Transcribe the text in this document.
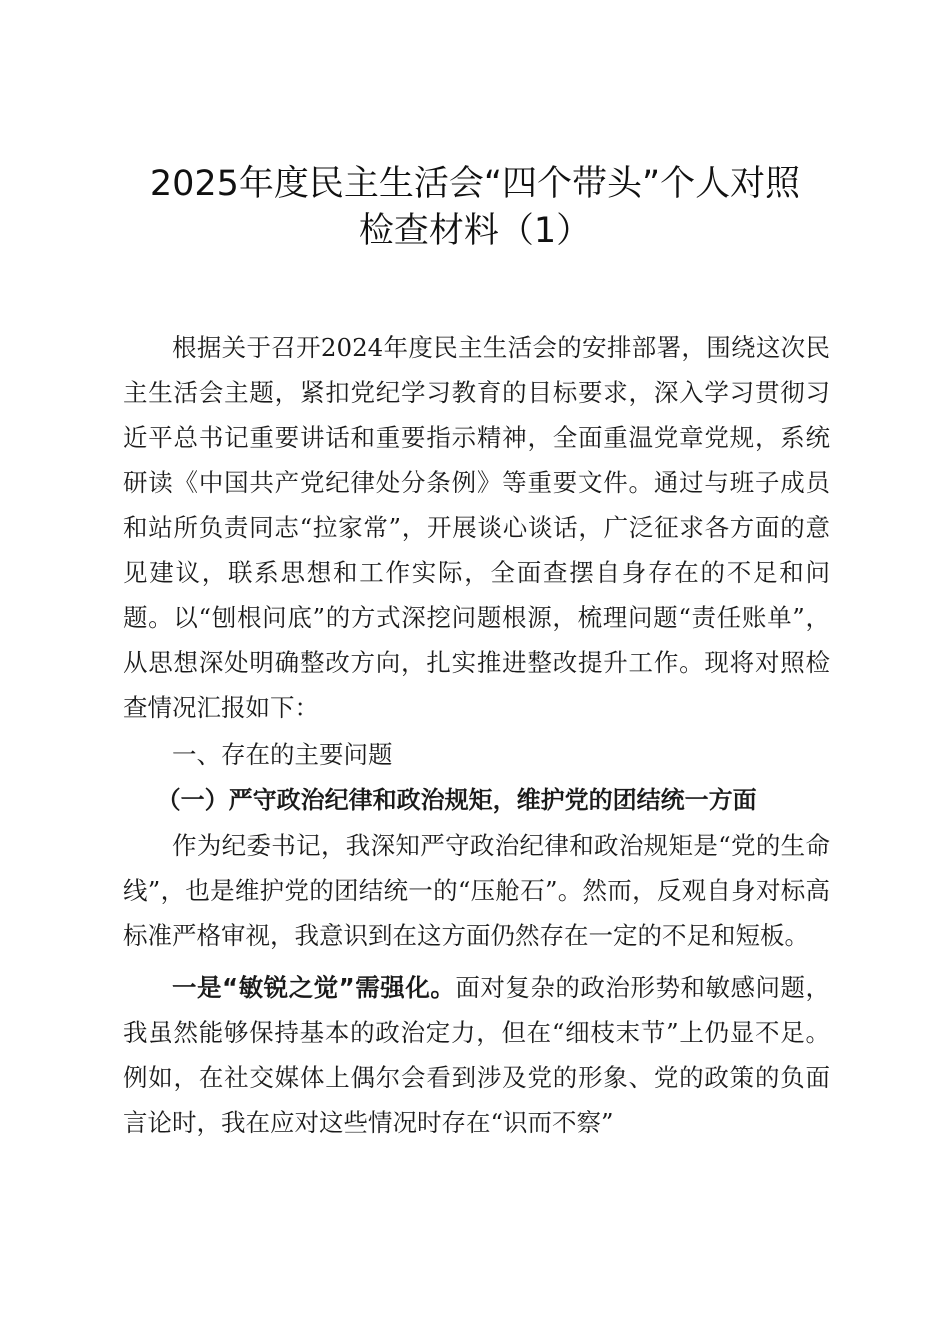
2025年度民主生活会“四个带头”个人对照
检查材料（1）

根据关于召开2024年度民主生活会的安排部署，围绕这次民主生活会主题，紧扣党纪学习教育的目标要求，深入学习贯彻习近平总书记重要讲话和重要指示精神，全面重温党章党规，系统研读《中国共产党纪律处分条例》等重要文件。通过与班子成员和站所负责同志“拉家常”，开展谈心谈话，广泛征求各方面的意见建议，联系思想和工作实际，全面查摆自身存在的不足和问题。以“刨根问底”的方式深挖问题根源，梳理问题“责任账单”，从思想深处明确整改方向，扎实推进整改提升工作。现将对照检查情况汇报如下：

一、存在的主要问题
（一）严守政治纪律和政治规矩，维护党的团结统一方面

作为纪委书记，我深知严守政治纪律和政治规矩是“党的生命线”，也是维护党的团结统一的“压舱石”。然而，反观自身对标高标准严格审视，我意识到在这方面仍然存在一定的不足和短板。

一是“敏锐之觉”需强化。面对复杂的政治形势和敏感问题，我虽然能够保持基本的政治定力，但在“细枝末节”上仍显不足。例如，在社交媒体上偶尔会看到涉及党的形象、党的政策的负面言论时，我在应对这些情况时存在“识而不察”
